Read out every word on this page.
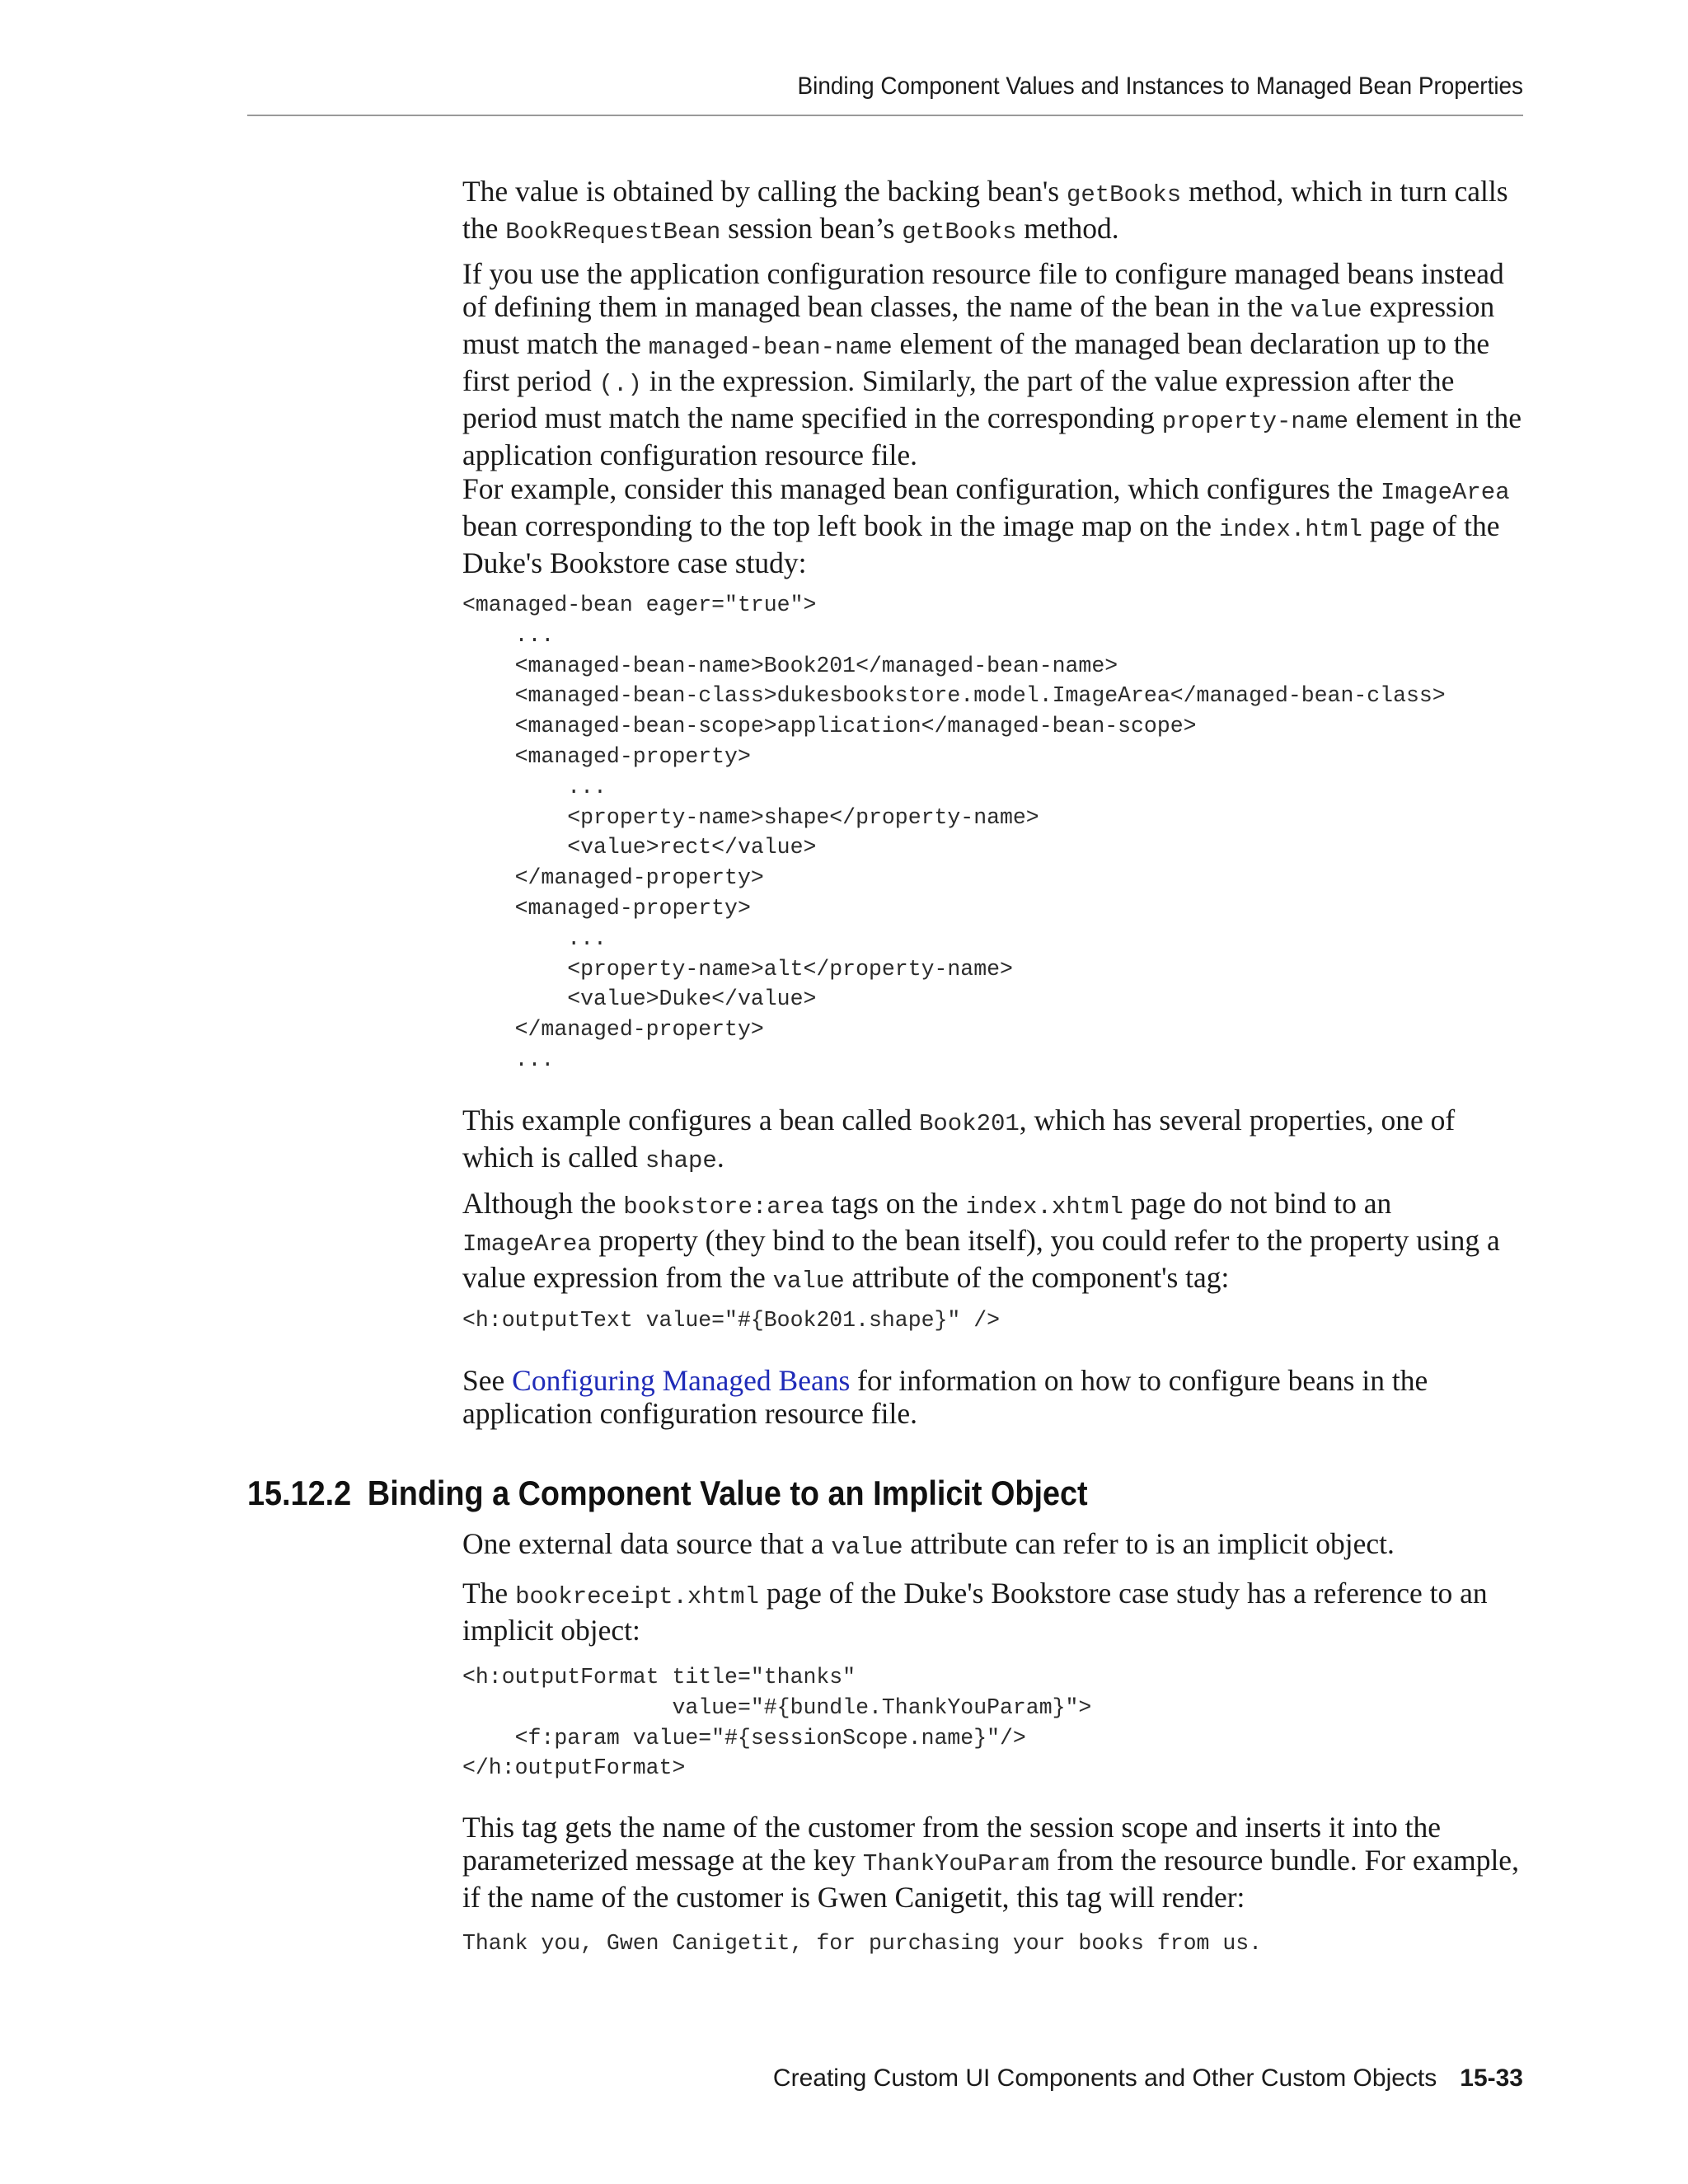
Binding Component Values and Instances to Managed Bean Properties

The value is obtained by calling the backing bean's getBooks method, which in turn calls the BookRequestBean session bean’s getBooks method.

If you use the application configuration resource file to configure managed beans instead of defining them in managed bean classes, the name of the bean in the value expression must match the managed-bean-name element of the managed bean declaration up to the first period (.) in the expression. Similarly, the part of the value expression after the period must match the name specified in the corresponding property-name element in the application configuration resource file.

For example, consider this managed bean configuration, which configures the ImageArea bean corresponding to the top left book in the image map on the index.html page of the Duke's Bookstore case study:

<managed-bean eager="true">
...
<managed-bean-name>Book201</managed-bean-name>
<managed-bean-class>dukesbookstore.model.ImageArea</managed-bean-class>
<managed-bean-scope>application</managed-bean-scope>
<managed-property>
...
<property-name>shape</property-name>
<value>rect</value>
</managed-property>
<managed-property>
...
<property-name>alt</property-name>
<value>Duke</value>
</managed-property>
...

This example configures a bean called Book201, which has several properties, one of which is called shape.

Although the bookstore:area tags on the index.xhtml page do not bind to an ImageArea property (they bind to the bean itself), you could refer to the property using a value expression from the value attribute of the component's tag:

<h:outputText value="#{Book201.shape}" />

See Configuring Managed Beans for information on how to configure beans in the application configuration resource file.

15.12.2 Binding a Component Value to an Implicit Object

One external data source that a value attribute can refer to is an implicit object.

The bookreceipt.xhtml page of the Duke's Bookstore case study has a reference to an implicit object:

<h:outputFormat title="thanks"
value="#{bundle.ThankYouParam}">
<f:param value="#{sessionScope.name}"/>
</h:outputFormat>

This tag gets the name of the customer from the session scope and inserts it into the parameterized message at the key ThankYouParam from the resource bundle. For example, if the name of the customer is Gwen Canigetit, this tag will render:

Thank you, Gwen Canigetit, for purchasing your books from us.
Creating Custom UI Components and Other Custom Objects 15-33
